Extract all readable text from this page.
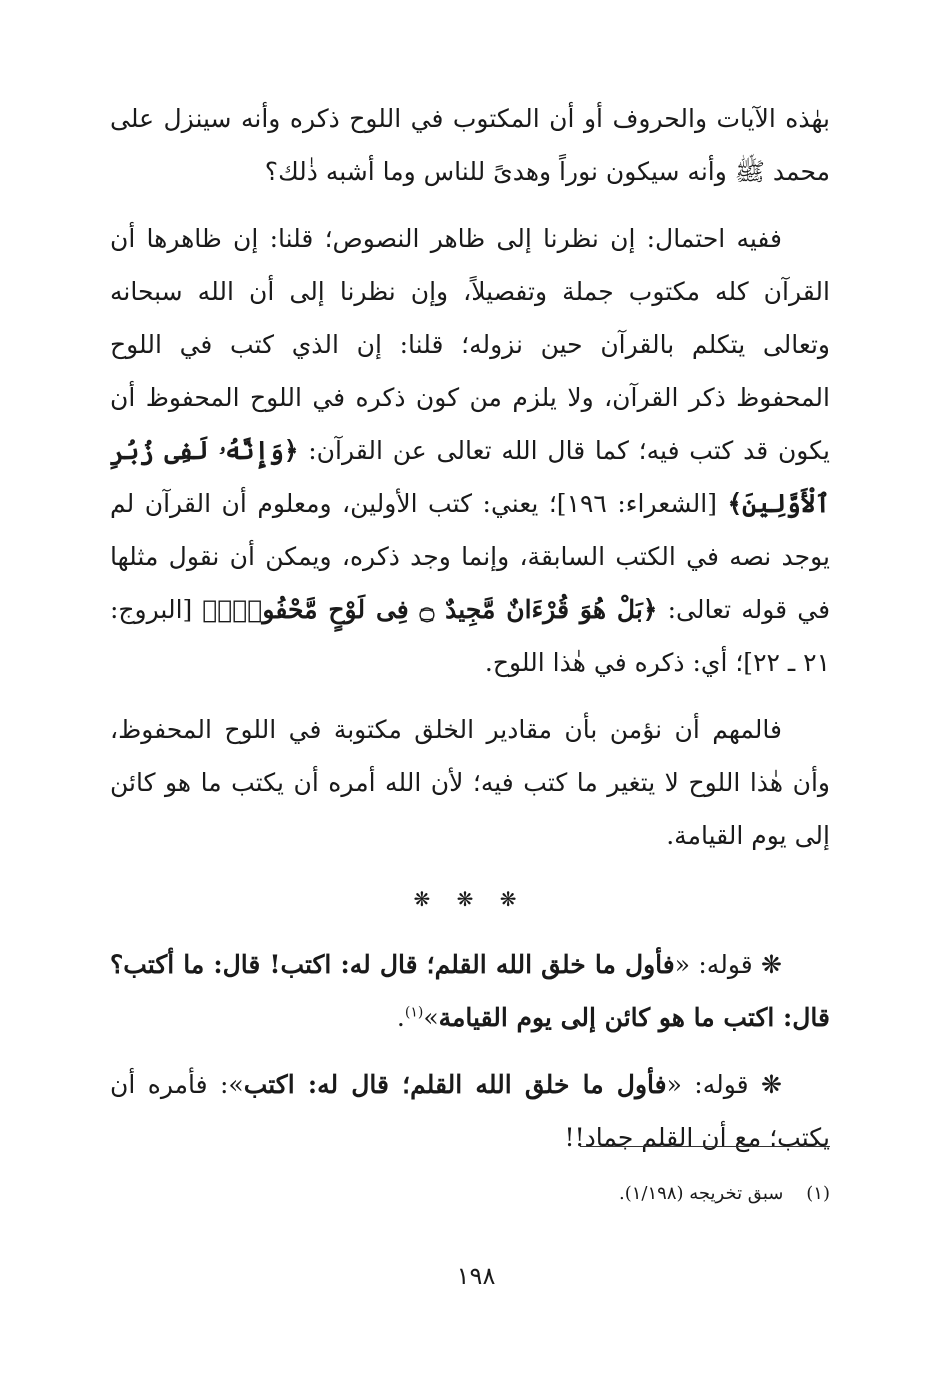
بهٰذه الآيات والحروف أو أن المكتوب في اللوح ذكره وأنه سينزل على محمد ﷺ وأنه سيكون نوراً وهدىً للناس وما أشبه ذٰلك؟

ففيه احتمال: إن نظرنا إلى ظاهر النصوص؛ قلنا: إن ظاهرها أن القرآن كله مكتوب جملة وتفصيلاً، وإن نظرنا إلى أن الله سبحانه وتعالى يتكلم بالقرآن حين نزوله؛ قلنا: إن الذي كتب في اللوح المحفوظ ذكر القرآن، ولا يلزم من كون ذكره في اللوح المحفوظ أن يكون قد كتب فيه؛ كما قال الله تعالى عن القرآن: ﴿وَإِنَّهُۥ لَفِى زُبُرِ ٱلْأَوَّلِينَ﴾ [الشعراء: ١٩٦]؛ يعني: كتب الأولين، ومعلوم أن القرآن لم يوجد نصه في الكتب السابقة، وإنما وجد ذكره، ويمكن أن نقول مثلها في قوله تعالى: ﴿بَلْ هُوَ قُرْءَانٌ مَّجِيدٌ ۝ فِى لَوْحٍ مَّحْفُوظٍۭ﴾ [البروج: ٢١ ـ ٢٢]؛ أي: ذكره في هٰذا اللوح.

فالمهم أن نؤمن بأن مقادير الخلق مكتوبة في اللوح المحفوظ، وأن هٰذا اللوح لا يتغير ما كتب فيه؛ لأن الله أمره أن يكتب ما هو كائن إلى يوم القيامة.

❋ ❋ ❋

❋ قوله: «فأول ما خلق الله القلم؛ قال له: اكتب! قال: ما أكتب؟ قال: اكتب ما هو كائن إلى يوم القيامة»$^{(١)}$.

❋ قوله: «فأول ما خلق الله القلم؛ قال له: اكتب»: فأمره أن يكتب؛ مع أن القلم جماد!!

(١)    سبق تخريجه (١/١٩٨).
١٩٨
